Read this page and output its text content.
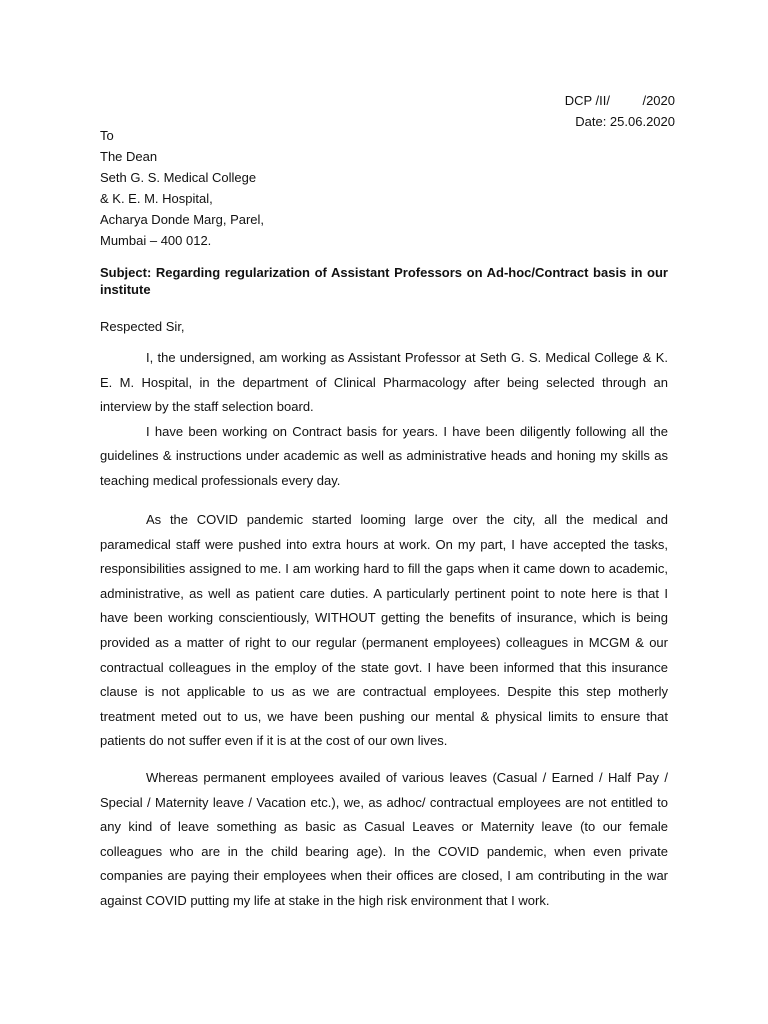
DCP /II/         /2020
Date: 25.06.2020
To
The Dean
Seth G. S. Medical College
& K. E. M. Hospital,
Acharya Donde Marg, Parel,
Mumbai – 400 012.
Subject: Regarding regularization of Assistant Professors on Ad-hoc/Contract basis in our institute
Respected Sir,

I, the undersigned, am working as Assistant Professor at Seth G. S. Medical College & K. E. M. Hospital, in the department of Clinical Pharmacology after being selected through an interview by the staff selection board.

I have been working on Contract basis for years. I have been diligently following all the guidelines & instructions under academic as well as administrative heads and honing my skills as teaching medical professionals every day.

As the COVID pandemic started looming large over the city, all the medical and paramedical staff were pushed into extra hours at work. On my part, I have accepted the tasks, responsibilities assigned to me. I am working hard to fill the gaps when it came down to academic, administrative, as well as patient care duties. A particularly pertinent point to note here is that I have been working conscientiously, WITHOUT getting the benefits of insurance, which is being provided as a matter of right to our regular (permanent employees) colleagues in MCGM & our contractual colleagues in the employ of the state govt. I have been informed that this insurance clause is not applicable to us as we are contractual employees. Despite this step motherly treatment meted out to us, we have been pushing our mental & physical limits to ensure that patients do not suffer even if it is at the cost of our own lives.

Whereas permanent employees availed of various leaves (Casual / Earned / Half Pay / Special / Maternity leave / Vacation etc.), we, as adhoc/ contractual employees are not entitled to any kind of leave something as basic as Casual Leaves or Maternity leave (to our female colleagues who are in the child bearing age). In the COVID pandemic, when even private companies are paying their employees when their offices are closed, I am contributing in the war against COVID putting my life at stake in the high risk environment that I work.
